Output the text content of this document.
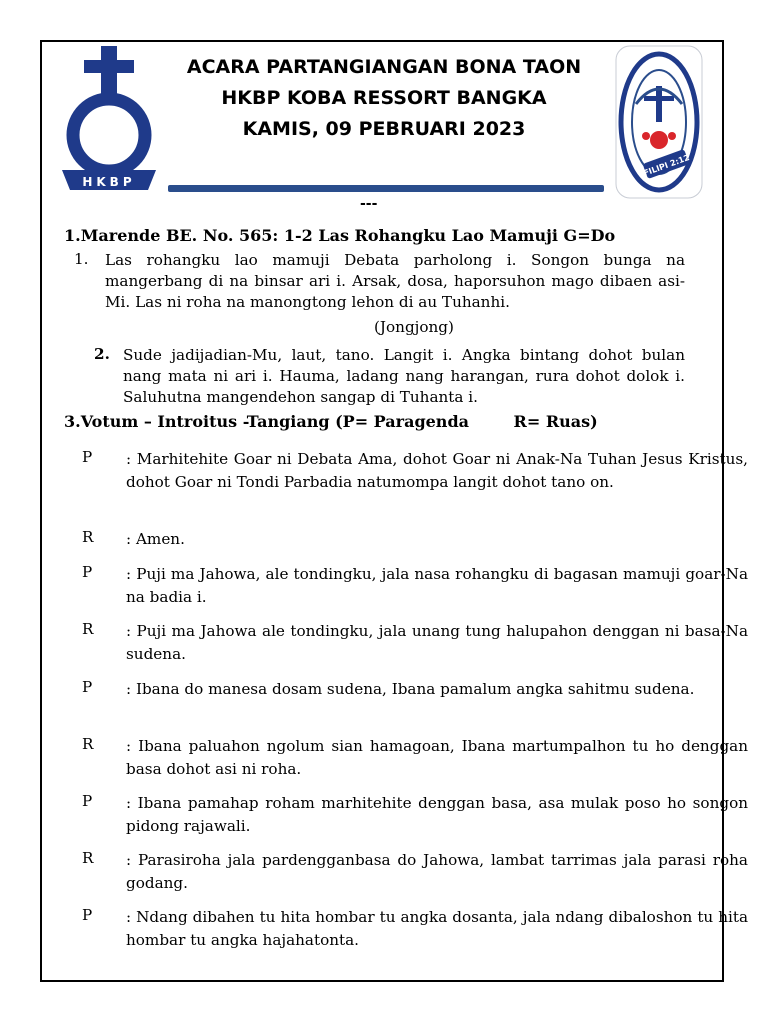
HKBP
ACARA PARTANGIANGAN BONA TAON
HKBP KOBA RESSORT BANGKA
KAMIS, 09 PEBRUARI 2023
---
FILIPI 2:12
1.Marende BE. No. 565: 1-2 Las Rohangku Lao Mamuji G=Do
1. Las rohangku lao mamuji Debata parholong i. Songon bunga na mangerbang di na binsar ari i. Arsak, dosa, haporsuhon mago dibaen asi-Mi. Las ni roha na manongtong lehon di au Tuhanhi.
(Jongjong)
2. Sude jadijadian-Mu, laut, tano. Langit i. Angka bintang dohot bulan nang mata ni ari i. Hauma, ladang nang harangan, rura dohot dolok i. Saluhutna mangendehon sangap di Tuhanta i.
3.Votum – Introitus -Tangiang (P= Paragenda        R= Ruas)
P	: Marhitehite Goar ni Debata Ama, dohot Goar ni Anak-Na Tuhan Jesus Kristus, dohot Goar ni Tondi Parbadia natumompa langit dohot tano on.
R	: Amen.
P	: Puji ma Jahowa, ale tondingku, jala nasa rohangku di bagasan mamuji goar-Na na badia i.
R	: Puji ma Jahowa ale tondingku, jala unang tung halupahon denggan ni basa-Na sudena.
P	: Ibana do manesa dosam sudena, Ibana pamalum angka sahitmu sudena.
R	: Ibana paluahon ngolum sian hamagoan, Ibana martumpalhon tu ho denggan basa dohot asi ni roha.
P	: Ibana pamahap roham marhitehite denggan basa, asa mulak poso ho songon pidong rajawali.
R	: Parasiroha jala pardengganbasa do Jahowa, lambat tarrimas jala parasi roha godang.
P	: Ndang dibahen tu hita hombar tu angka dosanta, jala ndang dibaloshon tu hita hombar tu angka hajahatonta.
